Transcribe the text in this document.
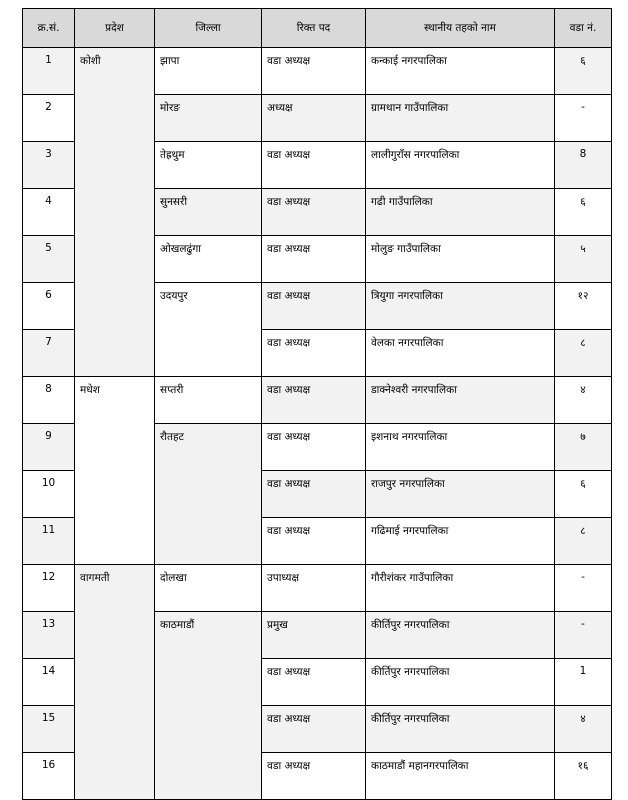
क्र.सं.	प्रदेश	जिल्ला	रिक्त पद	स्थानीय तहको नाम	वडा नं.
1	कोशी	झापा	वडा अध्यक्ष	कन्काई नगरपालिका	६
2		मोरङ	अध्यक्ष	ग्रामथान गाउँपालिका	-
3		तेह्रथुम	वडा अध्यक्ष	लालीगुराँस नगरपालिका	8
4		सुनसरी	वडा अध्यक्ष	गढी गाउँपालिका	६
5		ओखलढुंगा	वडा अध्यक्ष	मोलुङ गाउँपालिका	५
6		उदयपुर	वडा अध्यक्ष	त्रियुगा नगरपालिका	१२
7			वडा अध्यक्ष	वेलका नगरपालिका	८
8	मधेश	सप्तरी	वडा अध्यक्ष	डाक्नेश्वरी नगरपालिका	४
9		रौतहट	वडा अध्यक्ष	इशनाथ नगरपालिका	७
10			वडा अध्यक्ष	राजपुर नगरपालिका	६
11			वडा अध्यक्ष	गढिमाई नगरपालिका	८
12	वागमती	दोलखा	उपाध्यक्ष	गौरीशंकर गाउँपालिका	-
13		काठमाडौं	प्रमुख	कीर्तिपुर नगरपालिका	-
14			वडा अध्यक्ष	कीर्तिपुर नगरपालिका	1
15			वडा अध्यक्ष	कीर्तिपुर नगरपालिका	४
16			वडा अध्यक्ष	काठमाडौं महानगरपालिका	१६
